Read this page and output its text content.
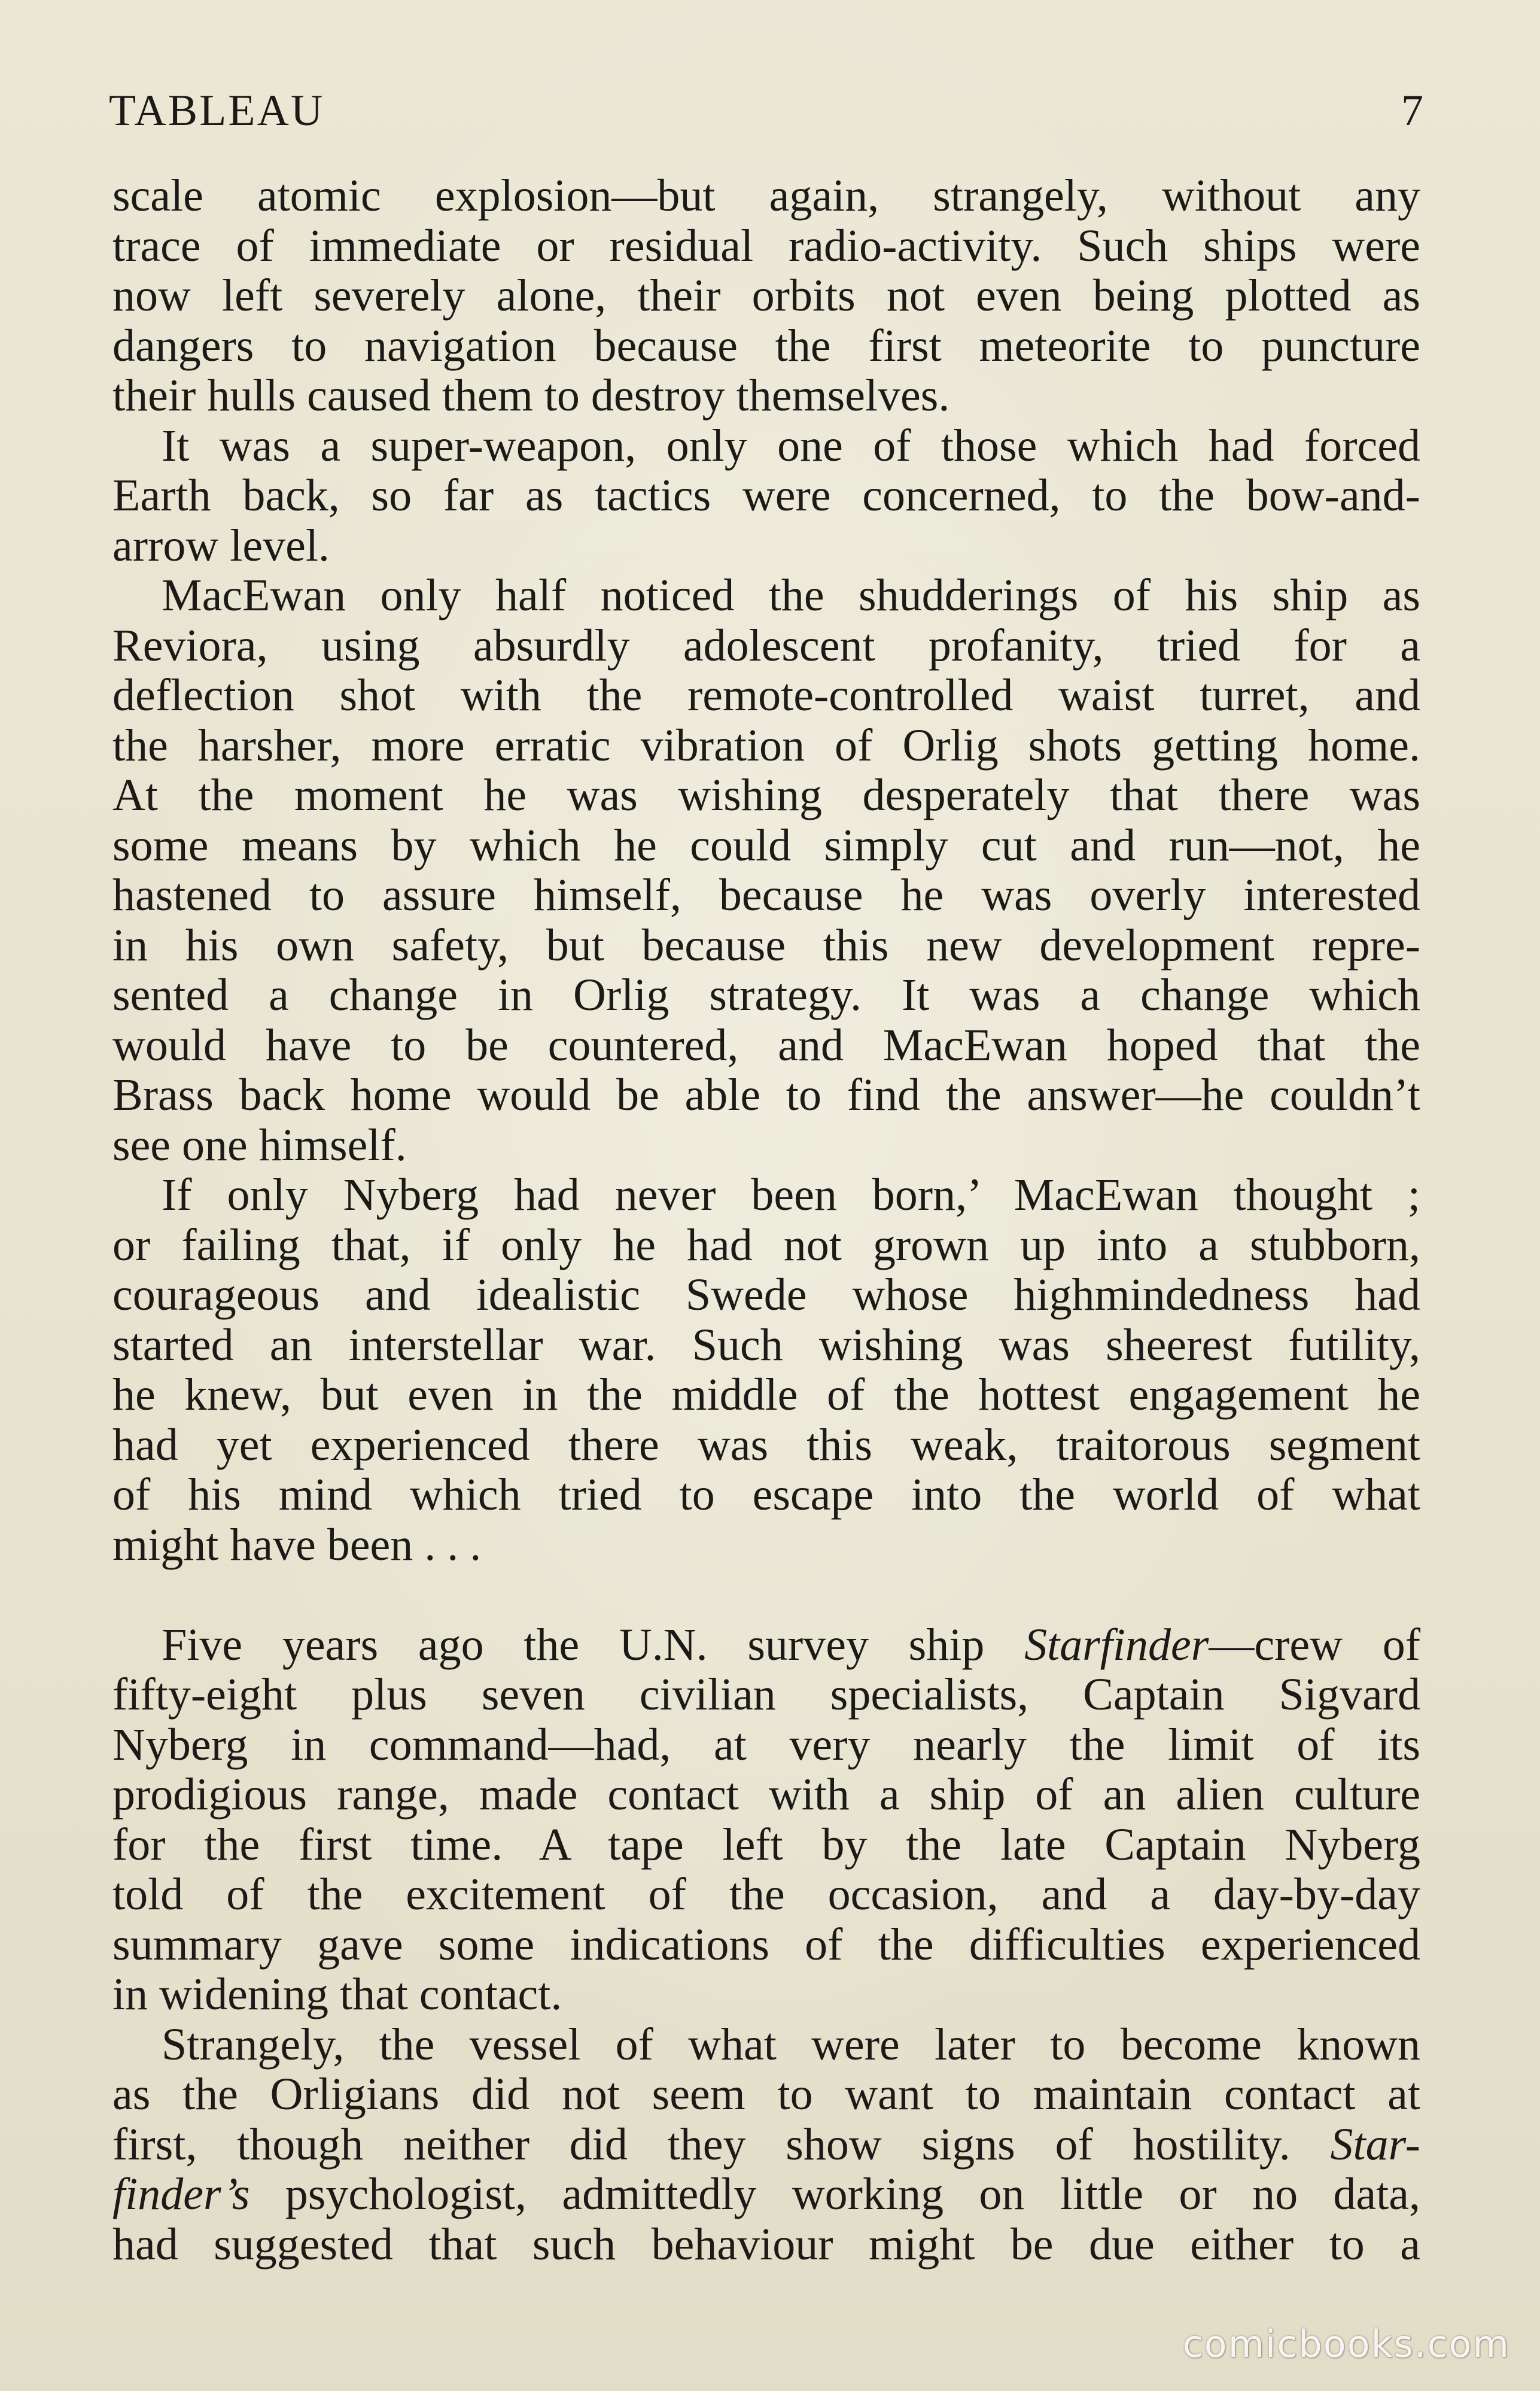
TABLEAU	7
scale atomic explosion—but again, strangely, without any
trace of immediate or residual radio-activity. Such ships were
now left severely alone, their orbits not even being plotted as
dangers to navigation because the first meteorite to puncture
their hulls caused them to destroy themselves.
It was a super-weapon, only one of those which had forced
Earth back, so far as tactics were concerned, to the bow-and-
arrow level.
MacEwan only half noticed the shudderings of his ship as
Reviora, using absurdly adolescent profanity, tried for a
deflection shot with the remote-controlled waist turret, and
the harsher, more erratic vibration of Orlig shots getting home.
At the moment he was wishing desperately that there was
some means by which he could simply cut and run—not, he
hastened to assure himself, because he was overly interested
in his own safety, but because this new development repre-
sented a change in Orlig strategy. It was a change which
would have to be countered, and MacEwan hoped that the
Brass back home would be able to find the answer—he couldn’t
see one himself.
If only Nyberg had never been born,’ MacEwan thought ;
or failing that, if only he had not grown up into a stubborn,
courageous and idealistic Swede whose highmindedness had
started an interstellar war. Such wishing was sheerest futility,
he knew, but even in the middle of the hottest engagement he
had yet experienced there was this weak, traitorous segment
of his mind which tried to escape into the world of what
might have been . . .
Five years ago the U.N. survey ship Starfinder—crew of
fifty-eight plus seven civilian specialists, Captain Sigvard
Nyberg in command—had, at very nearly the limit of its
prodigious range, made contact with a ship of an alien culture
for the first time. A tape left by the late Captain Nyberg
told of the excitement of the occasion, and a day-by-day
summary gave some indications of the difficulties experienced
in widening that contact.
Strangely, the vessel of what were later to become known
as the Orligians did not seem to want to maintain contact at
first, though neither did they show signs of hostility. Star-
finder’s psychologist, admittedly working on little or no data,
had suggested that such behaviour might be due either to a
comicbooks.com
